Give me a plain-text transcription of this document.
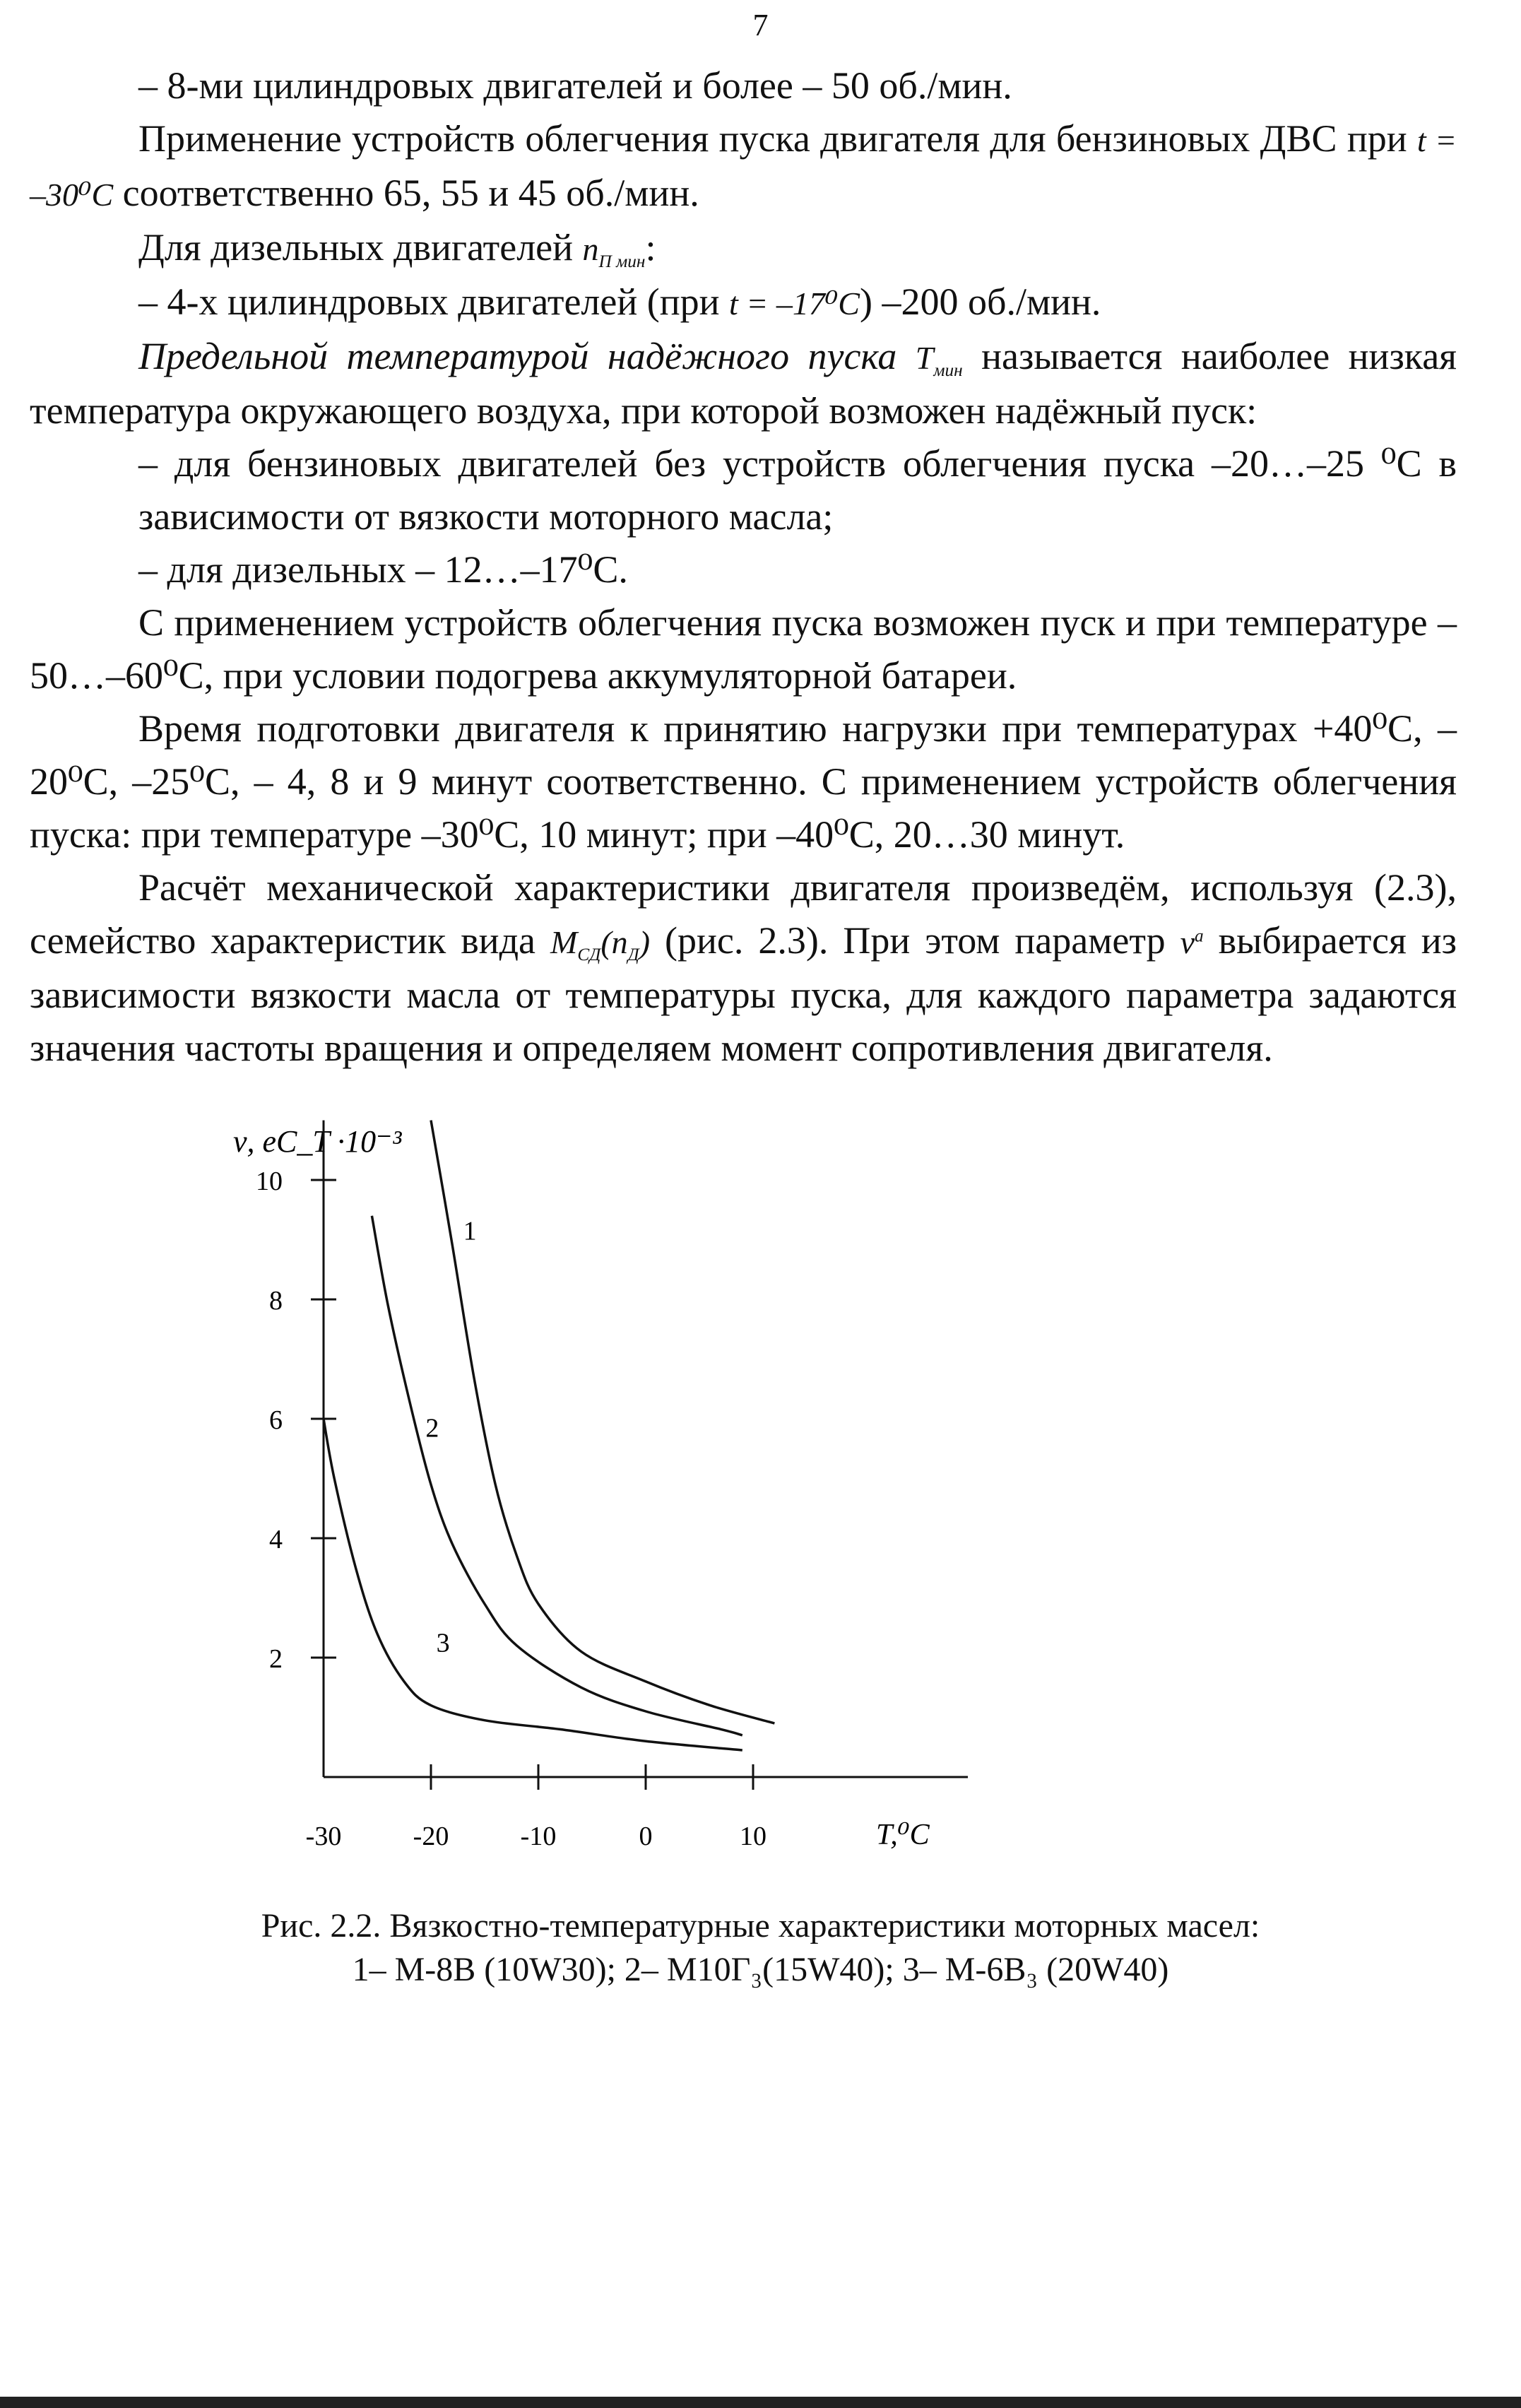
7

– 8-ми цилиндровых двигателей и более – 50 об./мин.

Применение устройств облегчения пуска двигателя для бензиновых ДВС при t = –30⁰C соответственно 65, 55 и 45 об./мин.

Для дизельных двигателей $n_{П мин}$:

– 4-х цилиндровых двигателей (при t = –17⁰C) –200 об./мин.

Предельной температурой надёжного пуска $T_{мин}$ называется наиболее низкая температура окружающего воздуха, при которой возможен надёжный пуск:

– для бензиновых двигателей без устройств облегчения пуска –20…–25 ⁰С в зависимости от вязкости моторного масла;

– для дизельных – 12…–17⁰С.

С применением устройств облегчения пуска возможен пуск и при температуре –50…–60⁰С, при условии подогрева аккумуляторной батареи.

Время подготовки двигателя к принятию нагрузки при температурах +40⁰С, –20⁰С, –25⁰С, – 4, 8 и 9 минут соответственно. С применением устройств облегчения пуска: при температуре –30⁰С, 10 минут; при –40⁰С, 20…30 минут.

Расчёт механической характеристики двигателя произведём, используя (2.3), семейство характеристик вида $M_{СД}(n_Д)$ (рис. 2.3). При этом параметр $\nu^a$ выбирается из зависимости вязкости масла от температуры пуска, для каждого параметра задаются значения частоты вращения и определяем момент сопротивления двигателя.

ν, eC_T ·10⁻³
T,⁰C
-30	-20	-10	0	10
2
4
6
8
10
1
2
3
Рис. 2.2. Вязкостно-температурные характеристики моторных масел:
1– М-8В (10W30); 2– М10Г₃(15W40); 3– М-6В₃ (20W40)
